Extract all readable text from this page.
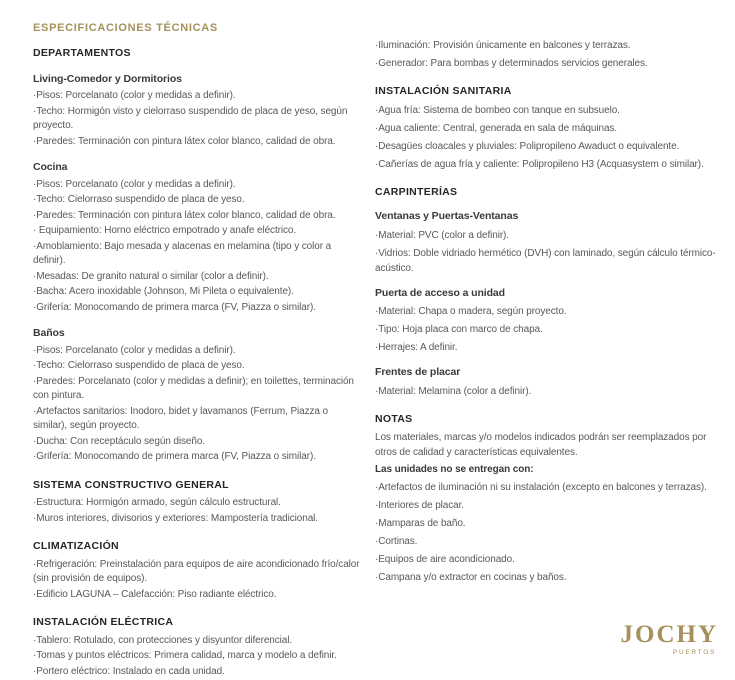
ESPECIFICACIONES TÉCNICAS
DEPARTAMENTOS
Living-Comedor y Dormitorios

·Pisos: Porcelanato (color y medidas a definir).

·Techo: Hormigón visto y cielorraso suspendido de placa de yeso, según proyecto.

·Paredes: Terminación con pintura látex color blanco, calidad de obra.

Cocina

·Pisos: Porcelanato (color y medidas a definir).

·Techo: Cielorraso suspendido de placa de yeso.

·Paredes: Terminación con pintura látex color blanco, calidad de obra.

· Equipamiento: Horno eléctrico empotrado y anafe eléctrico.

·Amoblamiento: Bajo mesada y alacenas en melamina (tipo y color a definir).

·Mesadas: De granito natural o similar (color a definir).

·Bacha: Acero inoxidable (Johnson, Mi Pileta o equivalente).

·Grifería: Monocomando de primera marca (FV, Piazza o similar).

Baños

·Pisos: Porcelanato (color y medidas a definir).

·Techo: Cielorraso suspendido de placa de yeso.

·Paredes: Porcelanato (color y medidas a definir); en toilettes, terminación con pintura.

·Artefactos sanitarios: Inodoro, bidet y lavamanos (Ferrum, Piazza o similar), según proyecto.

·Ducha: Con receptáculo según diseño.

·Grifería: Monocomando de primera marca (FV, Piazza o similar).

SISTEMA CONSTRUCTIVO GENERAL

·Estructura: Hormigón armado, según cálculo estructural.

·Muros interiores, divisorios y exteriores: Mampostería tradicional.

CLIMATIZACIÓN

·Refrigeración: Preinstalación para equipos de aire acondicionado frío/calor (sin provisión de equipos).

·Edificio LAGUNA – Calefacción: Piso radiante eléctrico.

INSTALACIÓN ELÉCTRICA

·Tablero: Rotulado, con protecciones y disyuntor diferencial.

·Tomas y puntos eléctricos: Primera calidad, marca y modelo a definir.

·Portero eléctrico: Instalado en cada unidad.

·Iluminación: Provisión únicamente en balcones y terrazas.

·Generador: Para bombas y determinados servicios generales.

INSTALACIÓN SANITARIA

·Agua fría: Sistema de bombeo con tanque en subsuelo.

·Agua caliente: Central, generada en sala de máquinas.

·Desagües cloacales y pluviales: Polipropileno Awaduct o equivalente.

·Cañerías de agua fría y caliente: Polipropileno H3 (Acquasystem o similar).

CARPINTERÍAS
Ventanas y Puertas-Ventanas

·Material: PVC (color a definir).

·Vidrios: Doble vidriado hermético (DVH) con laminado, según cálculo térmico-acústico.

Puerta de acceso a unidad

·Material: Chapa o madera, según proyecto.

·Tipo: Hoja placa con marco de chapa.

·Herrajes: A definir.

Frentes de placar

·Material: Melamina (color a definir).

NOTAS

Los materiales, marcas y/o modelos indicados podrán ser reemplazados por otros de calidad y características equivalentes.

Las unidades no se entregan con:

·Artefactos de iluminación ni su instalación (excepto en balcones y terrazas).

·Interiores de placar.

·Mamparas de baño.

·Cortinas.

·Equipos de aire acondicionado.

·Campana y/o extractor en cocinas y baños.

JOCHY
PUERTOS
